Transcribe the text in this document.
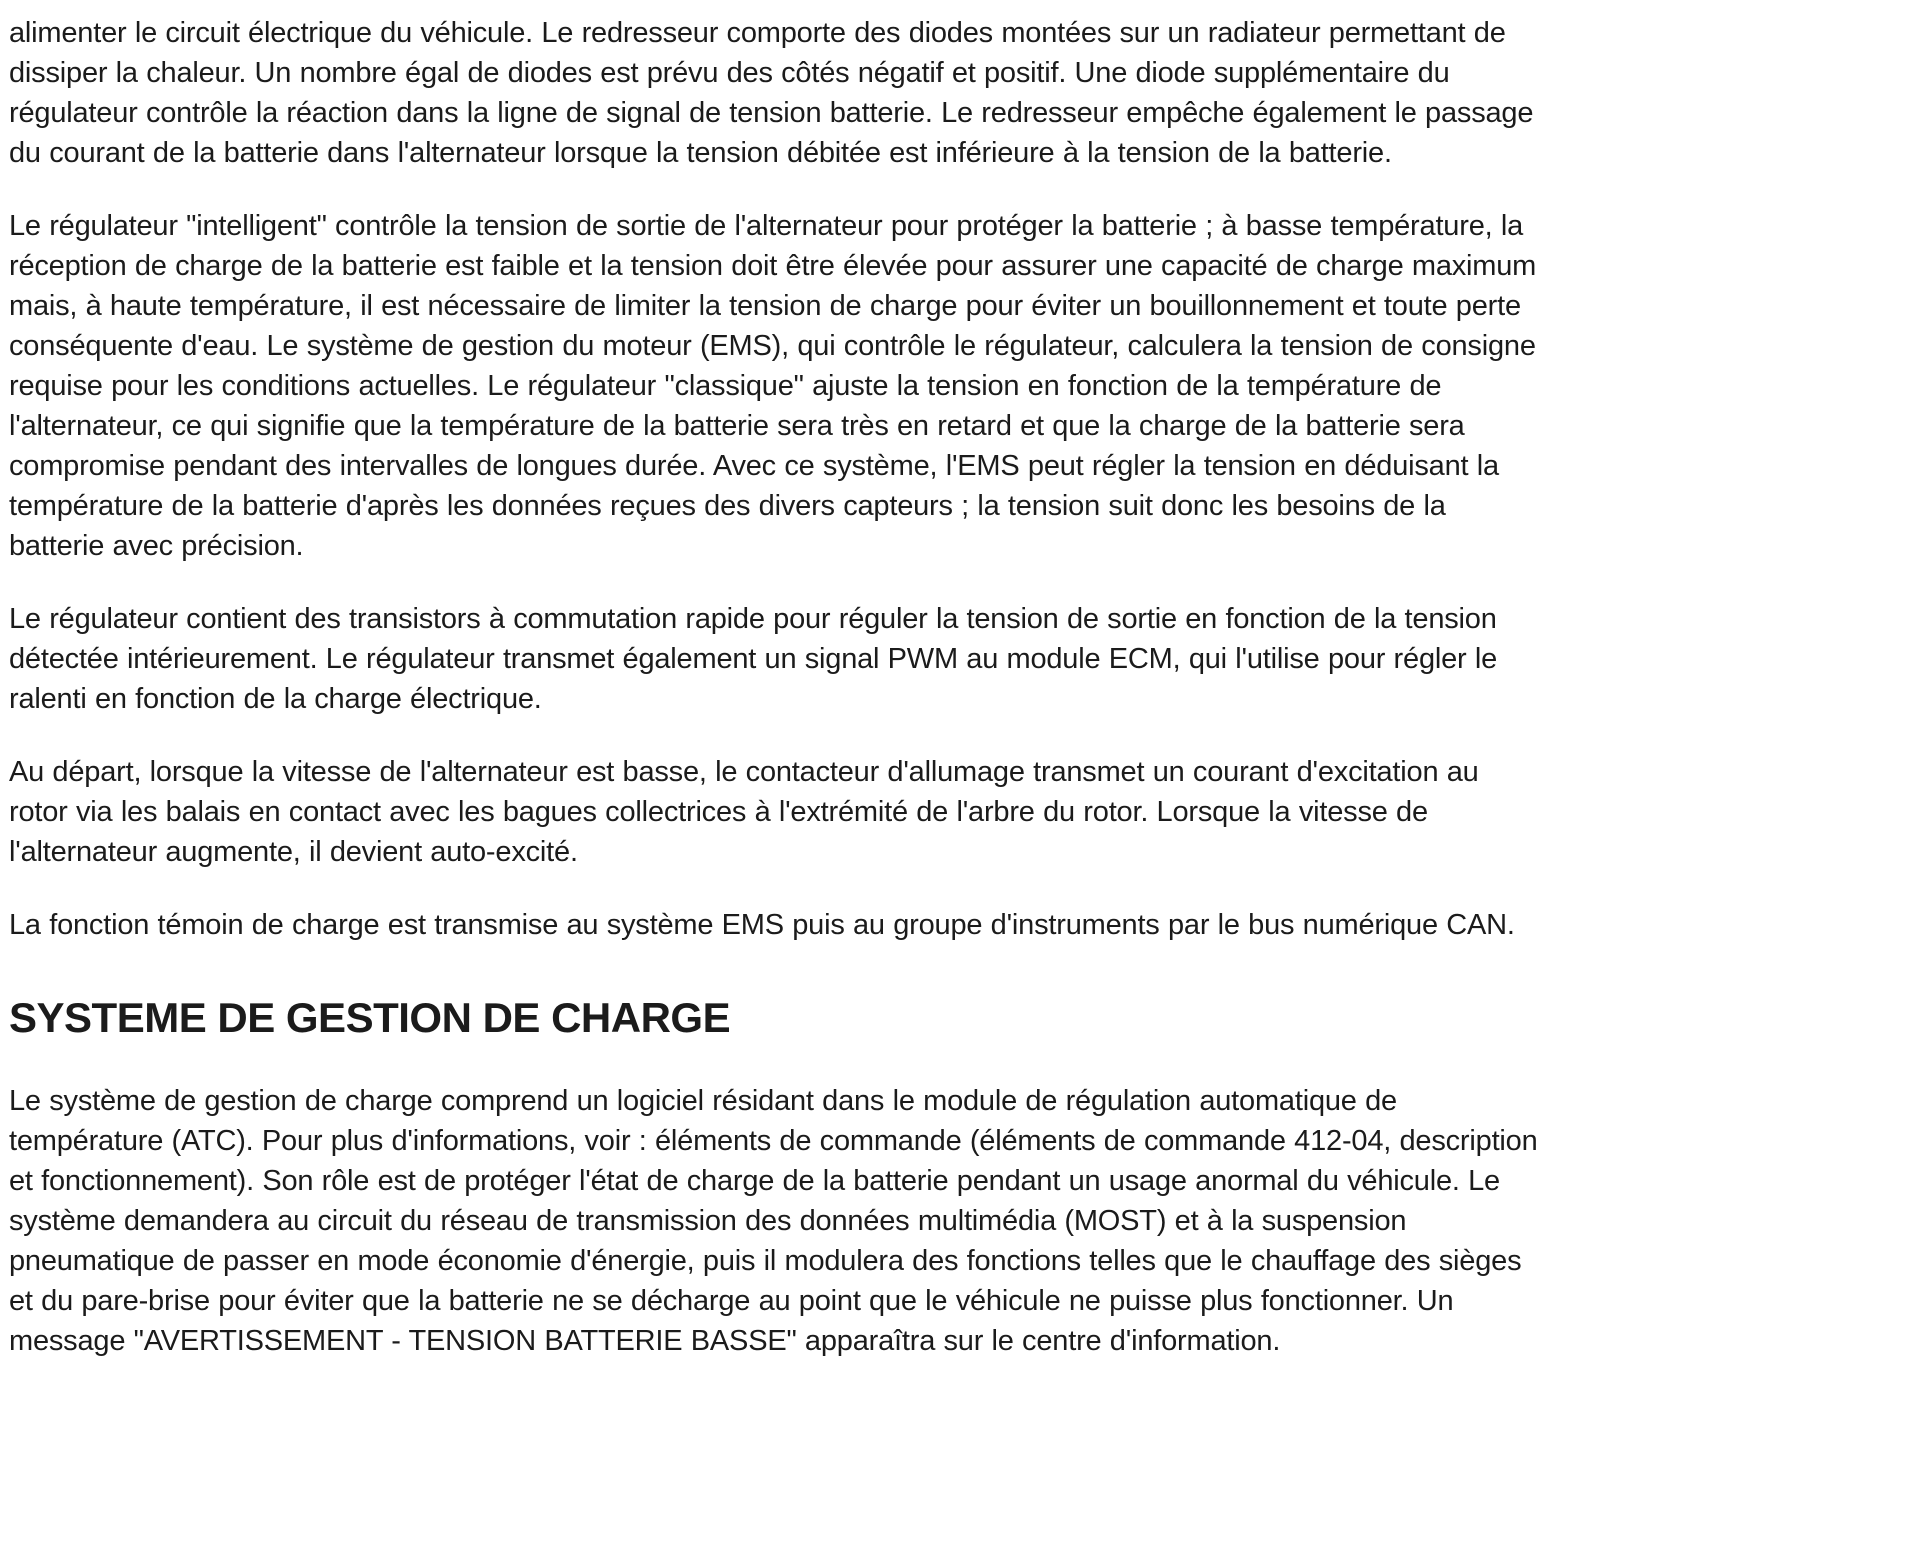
alimenter le circuit électrique du véhicule. Le redresseur comporte des diodes montées sur un radiateur permettant de dissiper la chaleur. Un nombre égal de diodes est prévu des côtés négatif et positif. Une diode supplémentaire du régulateur contrôle la réaction dans la ligne de signal de tension batterie. Le redresseur empêche également le passage du courant de la batterie dans l'alternateur lorsque la tension débitée est inférieure à la tension de la batterie.

Le régulateur "intelligent" contrôle la tension de sortie de l'alternateur pour protéger la batterie ; à basse température, la réception de charge de la batterie est faible et la tension doit être élevée pour assurer une capacité de charge maximum mais, à haute température, il est nécessaire de limiter la tension de charge pour éviter un bouillonnement et toute perte conséquente d'eau. Le système de gestion du moteur (EMS), qui contrôle le régulateur, calculera la tension de consigne requise pour les conditions actuelles. Le régulateur "classique" ajuste la tension en fonction de la température de l'alternateur, ce qui signifie que la température de la batterie sera très en retard et que la charge de la batterie sera compromise pendant des intervalles de longues durée. Avec ce système, l'EMS peut régler la tension en déduisant la température de la batterie d'après les données reçues des divers capteurs ; la tension suit donc les besoins de la batterie avec précision.

Le régulateur contient des transistors à commutation rapide pour réguler la tension de sortie en fonction de la tension détectée intérieurement. Le régulateur transmet également un signal PWM au module ECM, qui l'utilise pour régler le ralenti en fonction de la charge électrique.

Au départ, lorsque la vitesse de l'alternateur est basse, le contacteur d'allumage transmet un courant d'excitation au rotor via les balais en contact avec les bagues collectrices à l'extrémité de l'arbre du rotor. Lorsque la vitesse de l'alternateur augmente, il devient auto-excité.

La fonction témoin de charge est transmise au système EMS puis au groupe d'instruments par le bus numérique CAN.

SYSTEME DE GESTION DE CHARGE

Le système de gestion de charge comprend un logiciel résidant dans le module de régulation automatique de température (ATC). Pour plus d'informations, voir : éléments de commande (éléments de commande 412-04, description et fonctionnement). Son rôle est de protéger l'état de charge de la batterie pendant un usage anormal du véhicule. Le système demandera au circuit du réseau de transmission des données multimédia (MOST) et à la suspension pneumatique de passer en mode économie d'énergie, puis il modulera des fonctions telles que le chauffage des sièges et du pare-brise pour éviter que la batterie ne se décharge au point que le véhicule ne puisse plus fonctionner. Un message "AVERTISSEMENT - TENSION BATTERIE BASSE" apparaîtra sur le centre d'information.
